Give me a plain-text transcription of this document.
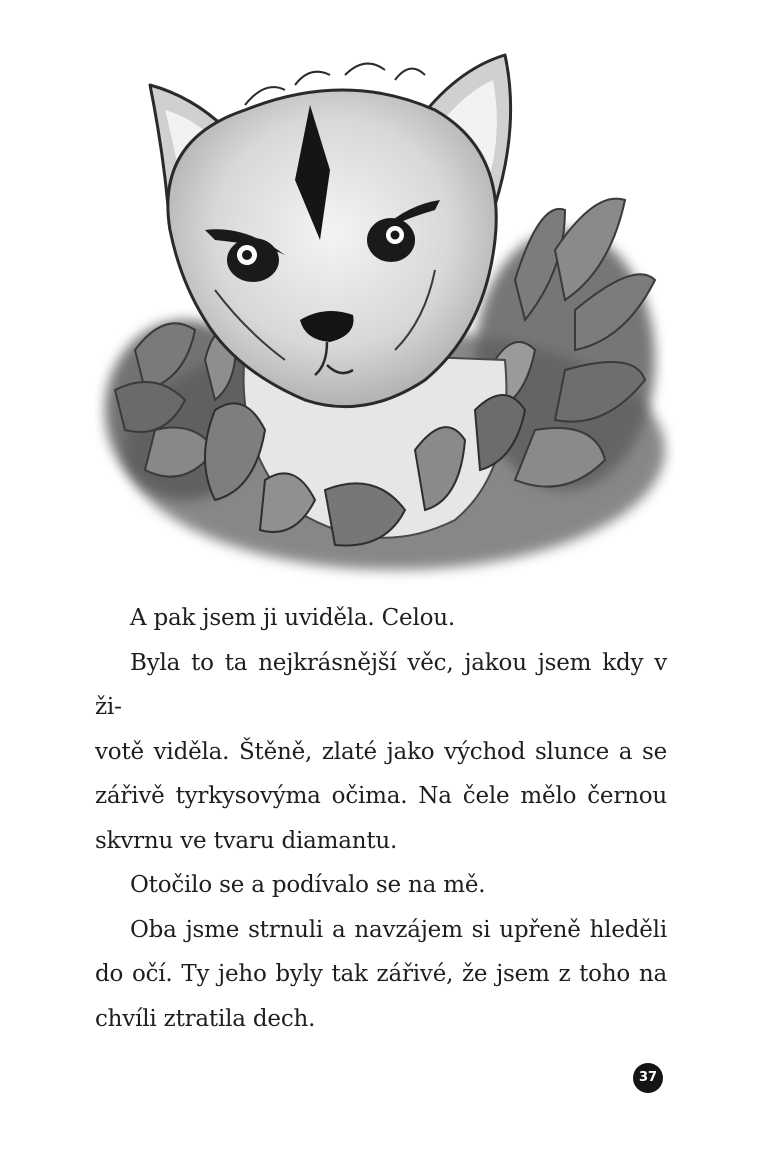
A pak jsem ji uviděla. Celou.

Byla to ta nejkrásnější věc, jakou jsem kdy v ži-
votě viděla. Štěně, zlaté jako východ slunce a se
zářivě tyrkysovýma očima. Na čele mělo černou
skvrnu ve tvaru diamantu.

Otočilo se a podívalo se na mě.

Oba jsme strnuli a navzájem si upřeně hleděli
do očí. Ty jeho byly tak zářivé, že jsem z toho na
chvíli ztratila dech.

37
